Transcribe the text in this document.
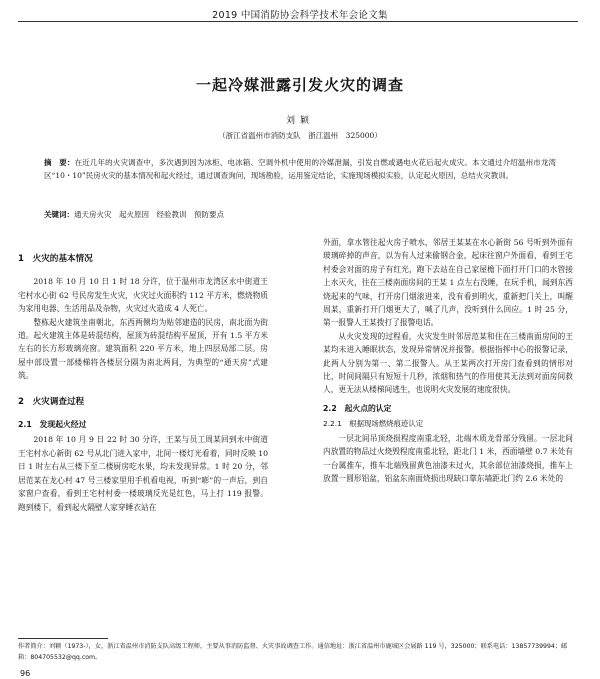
2019 中国消防协会科学技术年会论文集
一起冷媒泄露引发火灾的调查
刘颖
（浙江省温州市消防支队　浙江温州　325000）
摘　要：在近几年的火灾调查中，多次遇到因为冰柜、电冰箱、空调外机中使用的冷媒泄漏，引发自燃或遇电火花后起火成灾。本文通过介绍温州市龙湾区“10・10”民房火灾的基本情况和起火经过，通过调查询问，现场勘验，运用鉴定结论，实施现场模拟实验，认定起火原因，总结火灾教训。
关键词：通天房火灾　起火原因　经验教训　预防要点
1　火灾的基本情况

2018 年 10 月 10 日 1 时 18 分许，位于温州市龙湾区永中街道王宅村水心街 62 号民房发生火灾，火灾过火面积约 112 平方米，燃烧物质为家用电器、生活用品及杂物，火灾过火造成 4 人死亡。

整栋起火建筑坐南朝北，东西两侧均为贴邻建造的民房，南北面为街道。起火建筑主体是砖混结构，屋顶为砖混结构平屋顶，开有 1.5 平方米左右的长方形玻璃亮窗。建筑面积 220 平方米，地上四层局部二层。房屋中部设置一部楼梯将各楼层分隔为南北两间，为典型的“通天房”式建筑。

2　火灾调查过程
2.1　发现起火经过

2018 年 10 月 9 日 22 时 30 分许，王某与员工周某回到永中街道王宅村水心新街 62 号从北门进入家中，北间一楼灯光看着，同时反映 10 日 1 时左右从三楼下至二楼厨房吃水果，均未发现异常。1 时 20 分，邻居范某在龙心村 47 号三楼家里用手机看电视，听到“嘭”的一声后，到自家窗户查看，看到王宅村村委一楼玻璃反光是红色，马上打 119 报警。跑到楼下，看到起火隔壁人家穿睡衣站在

外面，拿水管往起火房子喷水，邻居王某某在水心新街 56 号听到外面有玻璃碎掉的声音，以为有人过来偷钢合金，起床往窗户外面看，看到王宅村委会对面的房子有红光，跑下去站在自己家屋檐下面打开门口的水管接上水灭火，往在三楼南面房间的王某 1 点左右没睡，在玩手机，闻到东西烧起来的气味，打开房门烟滚进来，没有看到明火，重新把门关上，叫醒周某，重新打开门烟更大了，喊了几声，没听到什么回应。1 时 25 分，第一报警人王某拨打了报警电话。

从火灾发现的过程看，火灾发生时邻居范某和住在三楼南面房间的王某均未进入睡眠状态，发现异常情况并报警。根据指挥中心的报警记录，此两人分别为第一、第二报警人。从王某两次打开房门查看到的情形对比，时间间隔只有短短十几秒，浓烟和热气的作用使其无法到对面房间救人，更无法从楼梯间逃生，也说明火灾发展的速度很快。

2.2　起火点的认定
2.2.1　根据现场燃烧痕迹认定

一层北间吊顶烧损程度南重北轻，北端木质龙骨部分残留。一层北间内放置的物品过火烧毁程度南重北轻，距北门 1 米，西面墙壁 0.7 米处有一台属推车，推车北端残留黄色油漆未过火，其余部位油漆烧损，推车上放置一圆形铝盆，铝盆东南面烧损出现缺口靠东墙距北门约 2.6 米处的

作者简介：刘颖（1973-），女，浙江省温州市消防支队高级工程师，主要从事消防监督、火灾事故调查工作。通信地址：浙江省温州市鹿城区会展路 119 号，325000；联系电话：13857739994；邮箱：804705532@qq.com。
96
